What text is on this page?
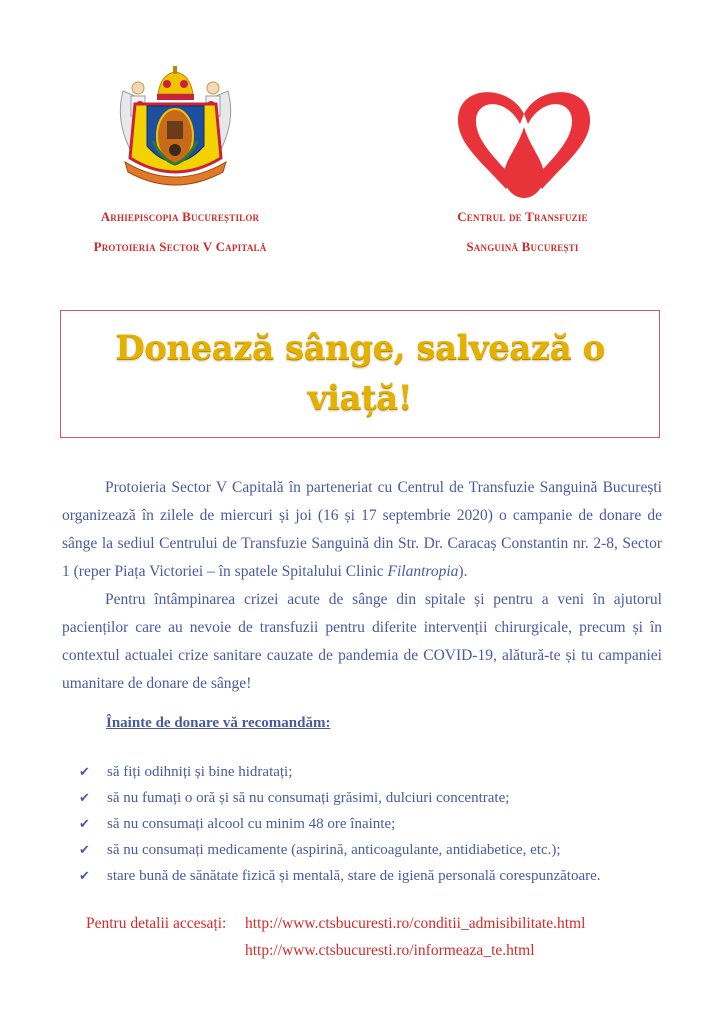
Arhiepiscopia Bucureștilor
Protoieria Sector V Capitală
Centrul de Transfuzie
Sanguină București
Donează sânge, salvează o
viață!

Protoieria Sector V Capitală în parteneriat cu Centrul de Transfuzie Sanguină București organizează în zilele de miercuri și joi (16 și 17 septembrie 2020) o campanie de donare de sânge la sediul Centrului de Transfuzie Sanguină din Str. Dr. Caracaș Constantin nr. 2-8, Sector 1 (reper Piața Victoriei – în spatele Spitalului Clinic Filantropia).

Pentru întâmpinarea crizei acute de sânge din spitale și pentru a veni în ajutorul pacienților care au nevoie de transfuzii pentru diferite intervenții chirurgicale, precum și în contextul actualei crize sanitare cauzate de pandemia de COVID-19, alătură-te și tu campaniei umanitare de donare de sânge!

Înainte de donare vă recomandăm:
✔	să fiți odihniți și bine hidratați;
✔	să nu fumați o oră și să nu consumați grăsimi, dulciuri concentrate;
✔	să nu consumați alcool cu minim 48 ore înainte;
✔	să nu consumați medicamente (aspirină, anticoagulante, antidiabetice, etc.);
✔	stare bună de sănătate fizică și mentală, stare de igienă personală corespunzătoare.
Pentru detalii accesați: http://www.ctsbucuresti.ro/conditii_admisibilitate.html
http://www.ctsbucuresti.ro/informeaza_te.html
